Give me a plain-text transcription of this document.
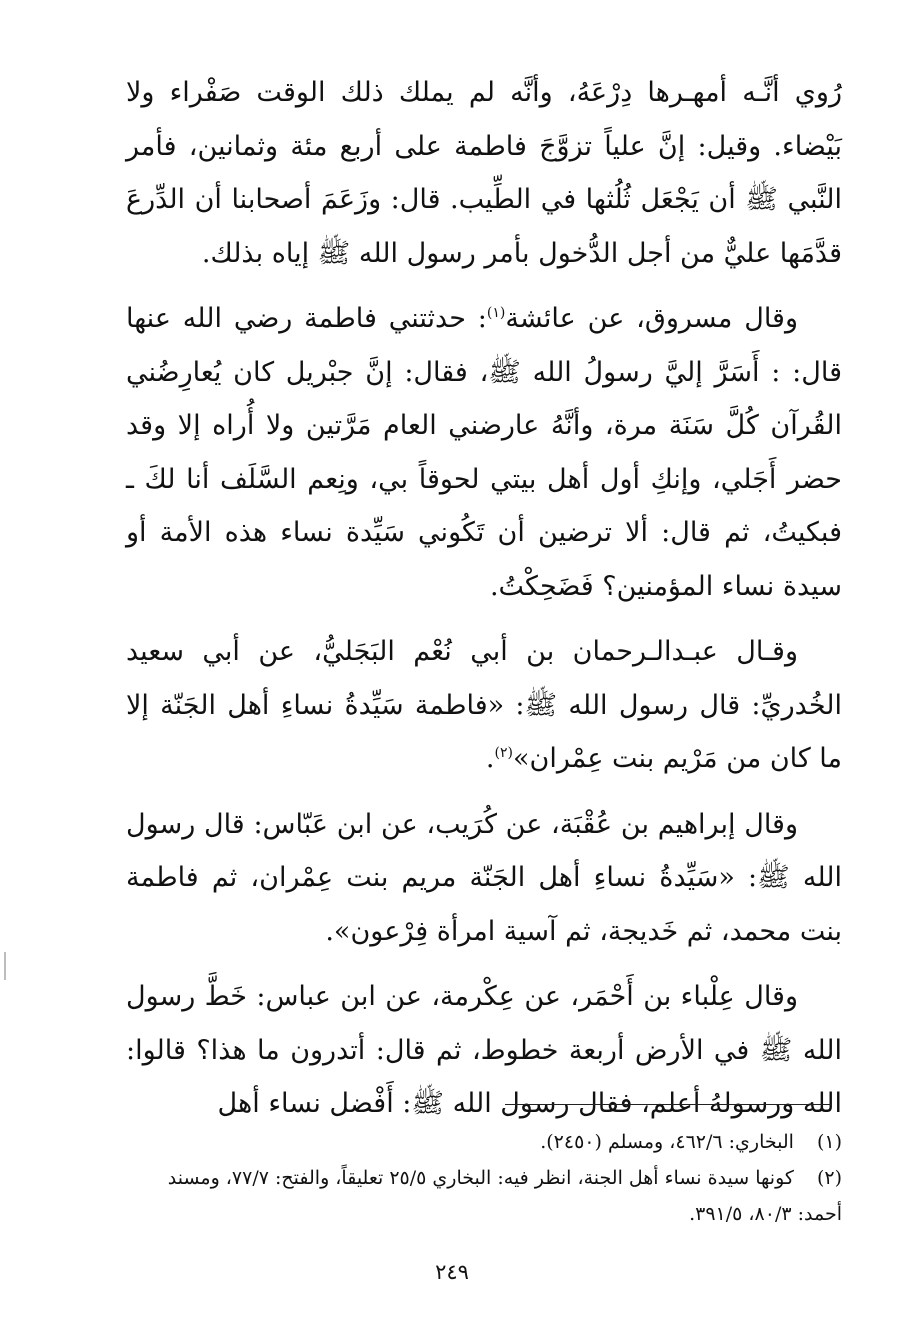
رُوي أنَّـه أمهـرها دِرْعَهُ، وأنَّه لم يملك ذلك الوقت صَفْراء ولا بَيْضاء. وقيل: إنَّ علياً تزوَّجَ فاطمة على أربع مئة وثمانين، فأمر النَّبي ﷺ أن يَجْعَل ثُلُثها في الطِّيب. قال: وزَعَمَ أصحابنا أن الدِّرعَ قدَّمَها عليٌّ من أجل الدُّخول بأمر رسول الله ﷺ إياه بذلك.

وقال مسروق، عن عائشة$^{(١)}$: حدثتني فاطمة رضي الله عنها قال: : أَسَرَّ إليَّ رسولُ الله ﷺ، فقال: إنَّ جبْريل كان يُعارِضُني القُرآن كُلَّ سَنَة مرة، وأنَّهُ عارضني العام مَرَّتين ولا أُراه إلا وقد حضر أَجَلي، وإنكِ أول أهل بيتي لحوقاً بي، ونِعم السَّلَف أنا لكَ ـ فبكيتُ، ثم قال: ألا ترضين أن تَكُوني سَيِّدة نساء هذه الأمة أو سيدة نساء المؤمنين؟ فَضَحِكْتُ.

وقـال عبـدالـرحمان بن أبي نُعْم البَجَليُّ، عن أبي سعيد الخُدريِّ: قال رسول الله ﷺ: «فاطمة سَيِّدةُ نساءِ أهل الجَنّة إلا ما كان من مَرْيم بنت عِمْران»$^{(٢)}$.

وقال إبراهيم بن عُقْبَة، عن كُرَيب، عن ابن عَبّاس: قال رسول الله ﷺ: «سَيِّدةُ نساءِ أهل الجَنّة مريم بنت عِمْران، ثم فاطمة بنت محمد، ثم خَديجة، ثم آسية امرأة فِرْعون».

وقال عِلْباء بن أَحْمَر، عن عِكْرمة، عن ابن عباس: خَطَّ رسول الله ﷺ في الأرض أربعة خطوط، ثم قال: أتدرون ما هذا؟ قالوا: الله ورسولهُ أعلم، فقال رسول الله ﷺ: أَفْضل نساء أهل

(١) البخاري: ٤٦٢/٦، ومسلم (٢٤٥٠).

(٢) كونها سيدة نساء أهل الجنة، انظر فيه: البخاري ٢٥/٥ تعليقاً، والفتح: ٧٧/٧، ومسند أحمد: ٨٠/٣، ٣٩١/٥.

٢٤٩
